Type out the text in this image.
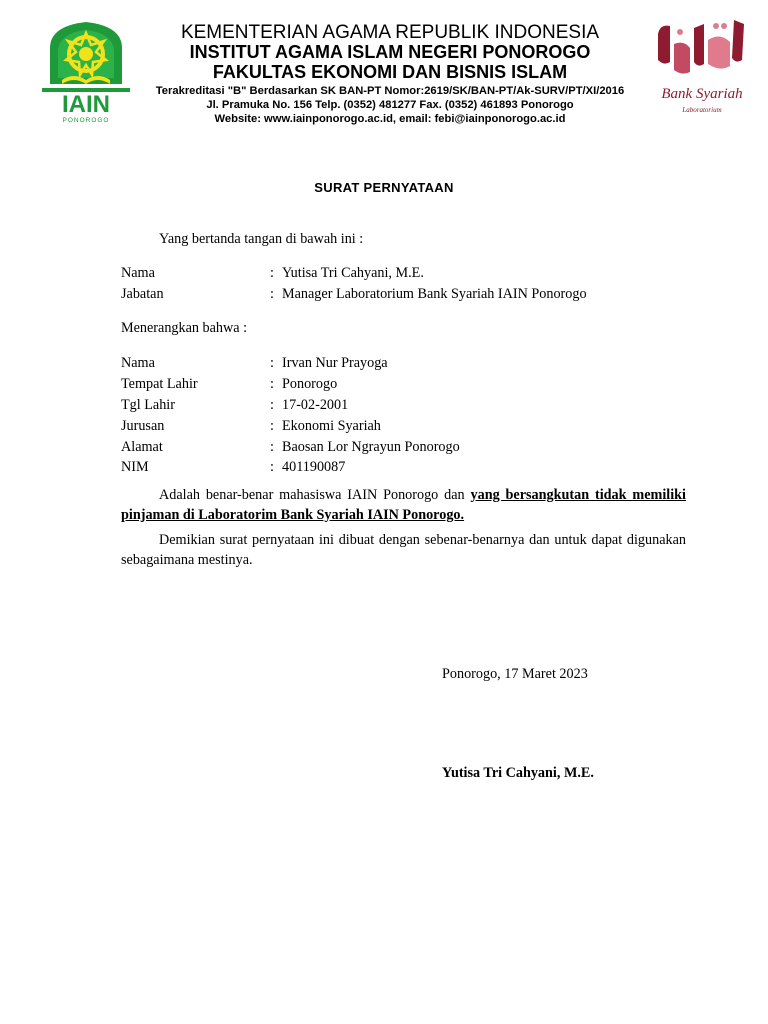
IAIN
PONOROGO
Bank Syariah
Laboratorium
KEMENTERIAN AGAMA REPUBLIK INDONESIA
INSTITUT AGAMA ISLAM NEGERI PONOROGO
FAKULTAS EKONOMI DAN BISNIS ISLAM
Terakreditasi "B" Berdasarkan SK BAN-PT Nomor:2619/SK/BAN-PT/Ak-SURV/PT/XI/2016
Jl. Pramuka No. 156 Telp. (0352) 481277 Fax. (0352) 461893 Ponorogo
Website: www.iainponorogo.ac.id, email: febi@iainponorogo.ac.id
SURAT PERNYATAAN
Yang bertanda tangan di bawah ini :
Nama	: Yutisa Tri Cahyani, M.E.
Jabatan	: Manager Laboratorium Bank Syariah IAIN Ponorogo
Menerangkan bahwa :
Nama	: Irvan Nur Prayoga
Tempat Lahir	: Ponorogo
Tgl Lahir	: 17-02-2001
Jurusan	: Ekonomi Syariah
Alamat	: Baosan Lor Ngrayun Ponorogo
NIM	: 401190087
Adalah benar-benar mahasiswa IAIN Ponorogo dan yang bersangkutan tidak memiliki pinjaman di Laboratorim Bank Syariah IAIN Ponorogo.
Demikian surat pernyataan ini dibuat dengan sebenar-benarnya dan untuk dapat digunakan sebagaimana mestinya.
Ponorogo, 17 Maret 2023
Yutisa Tri Cahyani, M.E.
